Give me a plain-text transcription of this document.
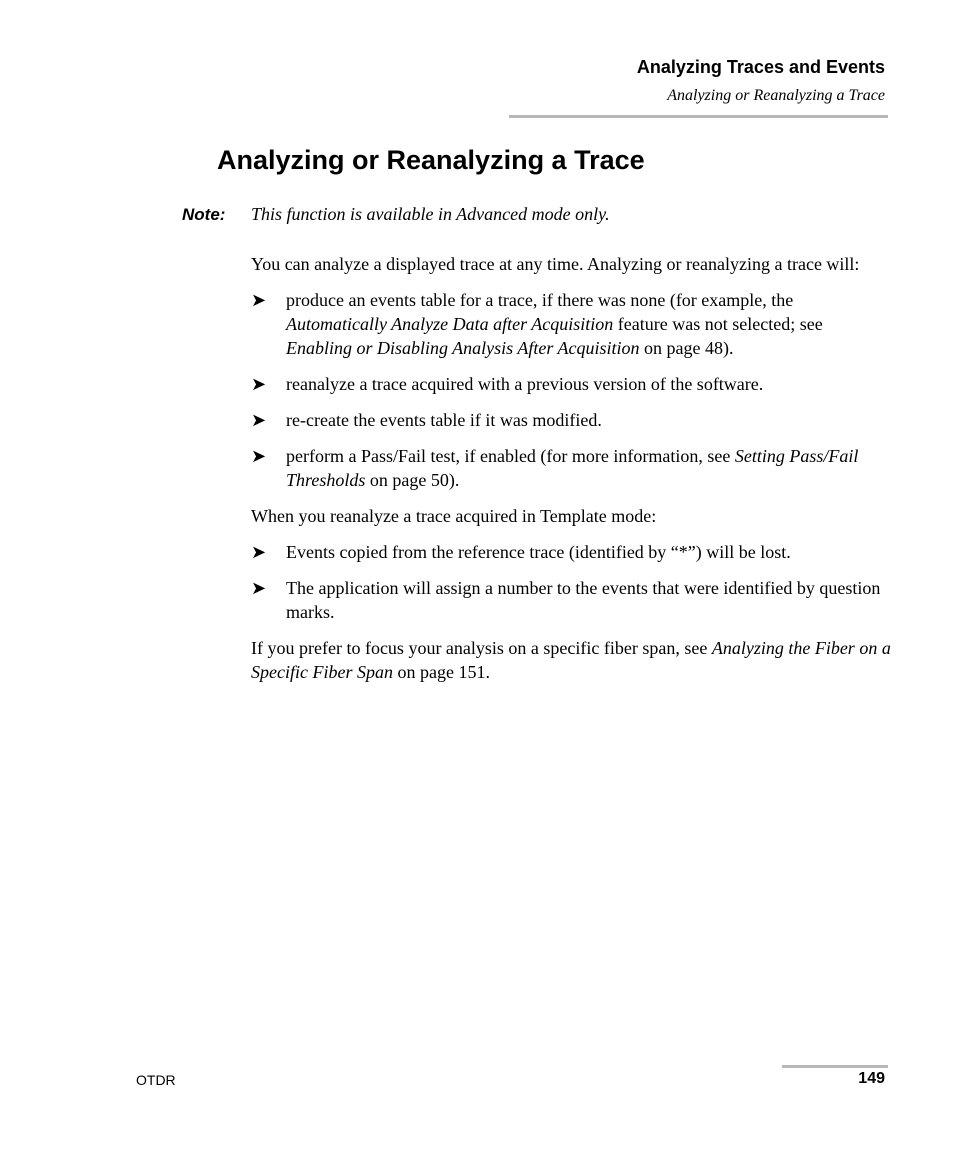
Analyzing Traces and Events
Analyzing or Reanalyzing a Trace
Analyzing or Reanalyzing a Trace
Note: This function is available in Advanced mode only.

You can analyze a displayed trace at any time. Analyzing or reanalyzing a trace will:

➤ produce an events table for a trace, if there was none (for example, the Automatically Analyze Data after Acquisition feature was not selected; see Enabling or Disabling Analysis After Acquisition on page 48).
➤ reanalyze a trace acquired with a previous version of the software.
➤ re-create the events table if it was modified.
➤ perform a Pass/Fail test, if enabled (for more information, see Setting Pass/Fail Thresholds on page 50).

When you reanalyze a trace acquired in Template mode:

➤ Events copied from the reference trace (identified by “*”) will be lost.
➤ The application will assign a number to the events that were identified by question marks.

If you prefer to focus your analysis on a specific fiber span, see Analyzing the Fiber on a Specific Fiber Span on page 151.

OTDR	149
